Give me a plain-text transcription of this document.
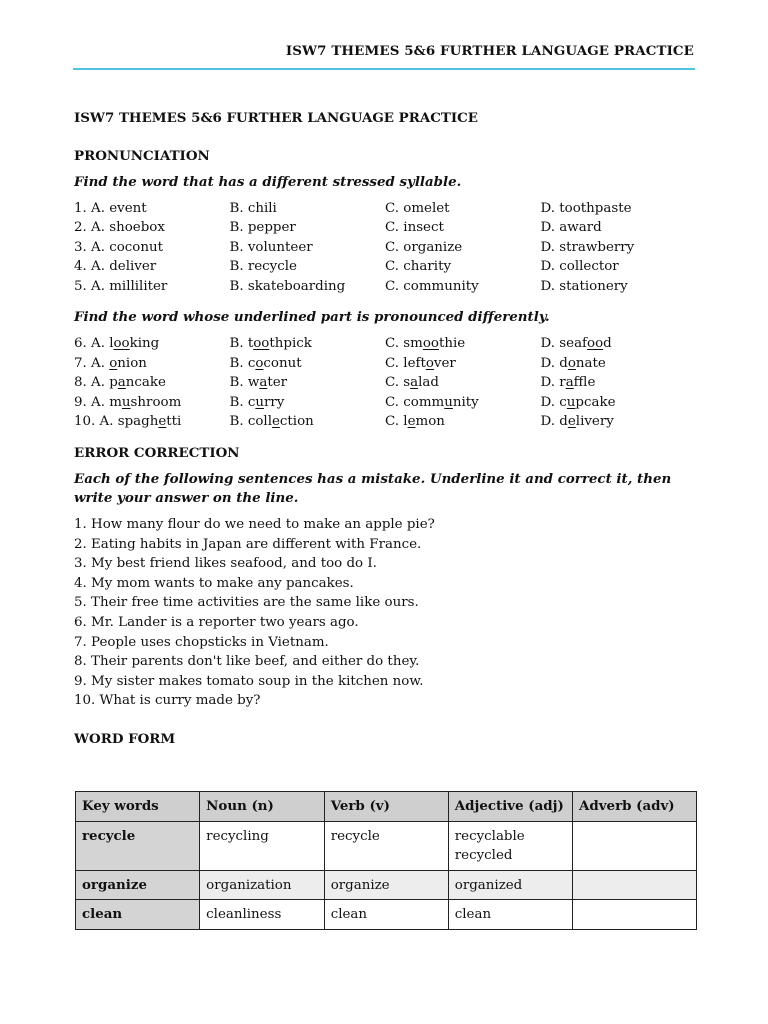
ISW7 THEMES 5&6 FURTHER LANGUAGE PRACTICE
ISW7 THEMES 5&6 FURTHER LANGUAGE PRACTICE
PRONUNCIATION
Find the word that has a different stressed syllable.
1. A. event	B. chili	C. omelet	D. toothpaste
2. A. shoebox	B. pepper	C. insect	D. award
3. A. coconut	B. volunteer	C. organize	D. strawberry
4. A. deliver	B. recycle	C. charity	D. collector
5. A. milliliter	B. skateboarding	C. community	D. stationery
Find the word whose underlined part is pronounced differently.
6. A. looking	B. toothpick	C. smoothie	D. seafood
7. A. onion	B. coconut	C. leftover	D. donate
8. A. pancake	B. water	C. salad	D. raffle
9. A. mushroom	B. curry	C. community	D. cupcake
10. A. spaghetti	B. collection	C. lemon	D. delivery
ERROR CORRECTION
Each of the following sentences has a mistake. Underline it and correct it, then write your answer on the line.
1. How many flour do we need to make an apple pie?
2. Eating habits in Japan are different with France.
3. My best friend likes seafood, and too do I.
4. My mom wants to make any pancakes.
5. Their free time activities are the same like ours.
6. Mr. Lander is a reporter two years ago.
7. People uses chopsticks in Vietnam.
8. Their parents don't like beef, and either do they.
9. My sister makes tomato soup in the kitchen now.
10. What is curry made by?
WORD FORM
Key words	Noun (n)	Verb (v)	Adjective (adj)	Adverb (adv)
recycle	recycling	recycle	recyclable
recycled	
organize	organization	organize	organized	
clean	cleanliness	clean	clean	
